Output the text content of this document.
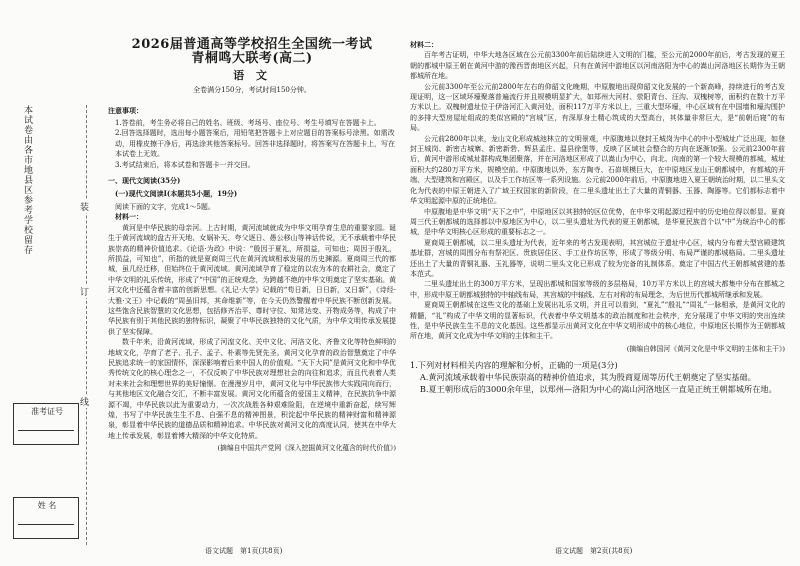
本试卷由各市地县区参考学校留存	装
订
线
准考证号
姓 名
2026届普通高等学校招生全国统一考试
青桐鸣大联考(高二)
语 文
全卷满分150分，考试时间150分钟。
注意事项：

1.答卷前，考生务必将自己的姓名、班级、考场号、座位号、考生号填写在答题卡上。

2.回答选择题时，选出每小题答案后，用铅笔把答题卡上对应题目的答案标号涂黑。如需改动，用橡皮擦干净后，再选涂其他答案标号。回答非选择题时，将答案写在答题卡上，写在本试卷上无效。

3.考试结束后，将本试卷和答题卡一并交回。

一、现代文阅读(35分)
(一)现代文阅读Ⅰ(本题共5小题，19分)

阅读下面的文字，完成1～5题。

材料一：

黄河是中华民族的母亲河。上古时期，黄河流域就成为中华文明孕育生息的重要家园。诞生于黄河流域的盘古开天地、女娲补天、夸父逐日、愚公移山等神话传说，无不承载着中华民族崇高的精神价值追求。《论语·为政》中说：“殷因于夏礼，所损益，可知也；周因于殷礼，所损益，可知也”，所指的就是夏商周三代在黄河流域相承发展的历史渊源。夏商周三代的都城，虽几经迁移，但始终位于黄河流域。黄河流域孕育了稳定的以农为本的农耕社会，奠定了中华文明的礼乐传统，形成了“中国”的正统观念，为跨越不绝的中华文明奠定了坚实基础。黄河文化中还蕴含着丰富的创新思想。《礼记·大学》记载的“苟日新，日日新，又日新”，《诗经·大雅·文王》中记载的“周虽旧邦，其命维新”等，在今天仍然警醒着中华民族不断创新发展。这些饱含民族智慧的文化思想，包括修齐治平、尊时守位、知常达变、开物成务等，构成了中华民族有别于其他民族的独特标识，凝聚了中华民族独特的文化气质，为中华文明传承发展提供了坚实保障。

数千年来，沿黄河流域，形成了河湟文化、关中文化、河洛文化、齐鲁文化等特色鲜明的地域文化，孕育了老子、孔子、孟子、朴素等先贤先圣。黄河文化孕育的政治智慧奠定了中华民族追求统一的家国情怀，深深影响着后来中国人的价值观。“天下大同”是黄河文化和中华优秀传统文化的核心理念之一，不仅反映了中华民族对理想社会的向往和追求，而且代表着人类对未来社会和理想世界的美好憧憬。在漫漫岁月中，黄河文化与中华民族伟大实践同向而行，与其他地区文化融合交汇，不断丰富发展。黄河文化所蕴含的爱国主义精神，在民族抗争中源源不竭，中华民族以此为重要动力，一次次战胜各种艰难险阻，在逆境中重新奋起，续写辉煌，书写了中华民族生生不息、自强不息的精神图景，积淀起中华民族的精神财富和精神源泉，彰显着中华民族的道德品质和精神追求。中华民族对黄河文化的高度认同，使其在中华大地上传承发展，彰显着博大精深的中华文化特质。

(摘编自中国共产党网《深入挖掘黄河文化蕴含的时代价值》)

材料二：

百年考古证明，中华大地各区域在公元前3300年前后陆续进入文明的门槛，至公元前2000年前后，考古发现的夏王朝的都城中原王朝在黄河中游的豫西晋南地区兴起，只有在黄河中游地区以河南洛阳为中心的嵩山河洛地区长期作为王朝都城所在地。

公元前3300年至公元前2800年左右的仰韶文化晚期，中原腹地出现仰韶文化发展的一个新高峰，持续进行的考古发现证明，这一区域环壕聚落普遍流行并且规模明显扩大，如郑州大河村、荥阳青台、汪沟、双槐树等，面积约在数十万平方米以上。双槐树遗址位于伊洛河汇入黄河处，面积117万平方米以上，三重大型环壕，中心区域有在中国墙和壕沟围护的多排大型房屋址组成的类似宫殿的“宫城”区，有深厚身土精心筑成的大型高台，其体量非常巨大，是“前朝后寝”的布局。

公元前2800年以来，龙山文化形成城池林立的文明景观，中原腹地以登封王城岗为中心的中小型城址广泛出现，如登封王城岗、新密古城寨、新密新砦、辉县孟庄、温县徐堡等，反映了区域社会整合的方向在逐渐加强。公元前2300年前后，黄河中游形成城址群构成集团聚落，并在河洛地区形成了以嵩山为中心，向北、向南的第一个较大规模的都城，城址面积大约280万平方米，规模空前。中原腹地以外，东方陶寺、石峁规模巨大，在中原地区龙山王朝都城中，有都城的开端、大型建筑和宫殿区，以及手工作坊区等一系列设施。公元前2000年前后，中原腹地进入夏王朝统治时期，以二里头文化为代表的中原王朝进入了广域王权国家的新阶段，在二里头遗址出土了大量的青铜器、玉器、陶器等。它们都标志着中华文明起源中原的正统地位。

中原腹地是中华文明“天下之中”，中原地区以其独特的区位优势，在中华文明起源过程中的历史地位得以彰显。夏商周三代王朝都城的选择都以中原地区为中心，以二里头遗址为代表的夏王朝都城，是华夏民族首个以“中”为统治中心的都城，是中华文明核心区形成的重要标志之一。

夏商周王朝都城，以二里头遗址为代表，近年来的考古发现表明，其宫城位于遗址中心区，城内分布着大型宫殿建筑基址群，宫城的周围分布有祭祀区、贵族居住区、手工业作坊区等，形成了等级分明、布局严谨的都城格局。二里头遗址还出土了大量的青铜礼器、玉礼器等，说明二里头文化已形成了较为完备的礼制体系，奠定了中国古代王朝都城营建的基本范式。

二里头遗址出土的300万平方米，呈现出都城和国家等级的多层格局，10万平方米以上的宫城大都集中分布在都城之中，形成中原王朝都城独特的中轴线布局，其宫城的中轴线、左右对称的布局理念，为后世历代都城所继承和发展。

夏商周王朝都城在这些文化的基础上发展出礼乐文明，并且可以看到，“夏礼”“殷礼”“周礼”一脉相承，是黄河文化的精髓，“礼”构成了中华文明的显著标识，代表着中华文明基本的政治制度和社会秩序，充分展现了中华文明的突出连续性，是中华民族生生不息的文化基因。这些都显示出黄河文化在中华文明形成中的核心地位，中原地区长期作为王朝都城所在地，黄河文化成为中华文明的主体和主干。

(摘编自韩国河《黄河文化是中华文明的主体和主干》)

1.下列对材料相关内容的理解和分析，正确的一项是(3分)

A.黄河流域承载着中华民族崇高的精神价值追求，其为殷商夏周等历代王朝奠定了坚实基础。

B.夏王朝形成后的3000余年里，以郑州—洛阳为中心的嵩山河洛地区一直是正统王朝都城所在地。

语文试题　第1页(共8页)	语文试题　第2页(共8页)
